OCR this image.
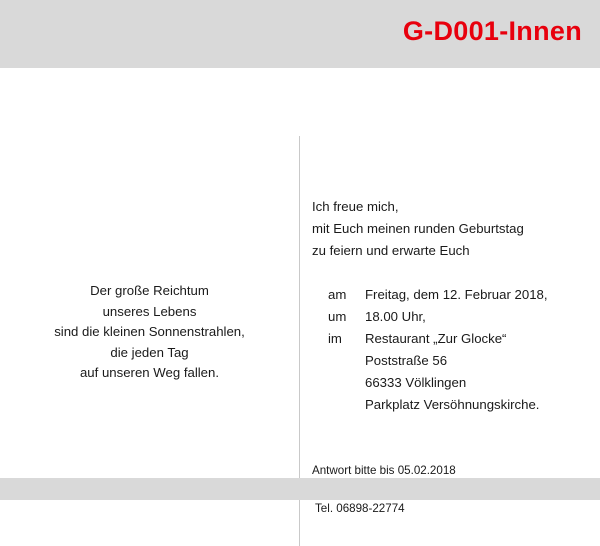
G-D001-Innen
Der große Reichtum
unseres Lebens
sind die kleinen Sonnenstrahlen,
die jeden Tag
auf unseren Weg fallen.
Ich freue mich,
mit Euch meinen runden Geburtstag
zu feiern und erwarte Euch
am	Freitag, dem 12. Februar 2018,
um	18.00 Uhr,
im	Restaurant „Zur Glocke“
Poststraße 56
66333 Völklingen
Parkplatz Versöhnungskirche.
Antwort bitte bis 05.02.2018
Tel. 06898-22774
